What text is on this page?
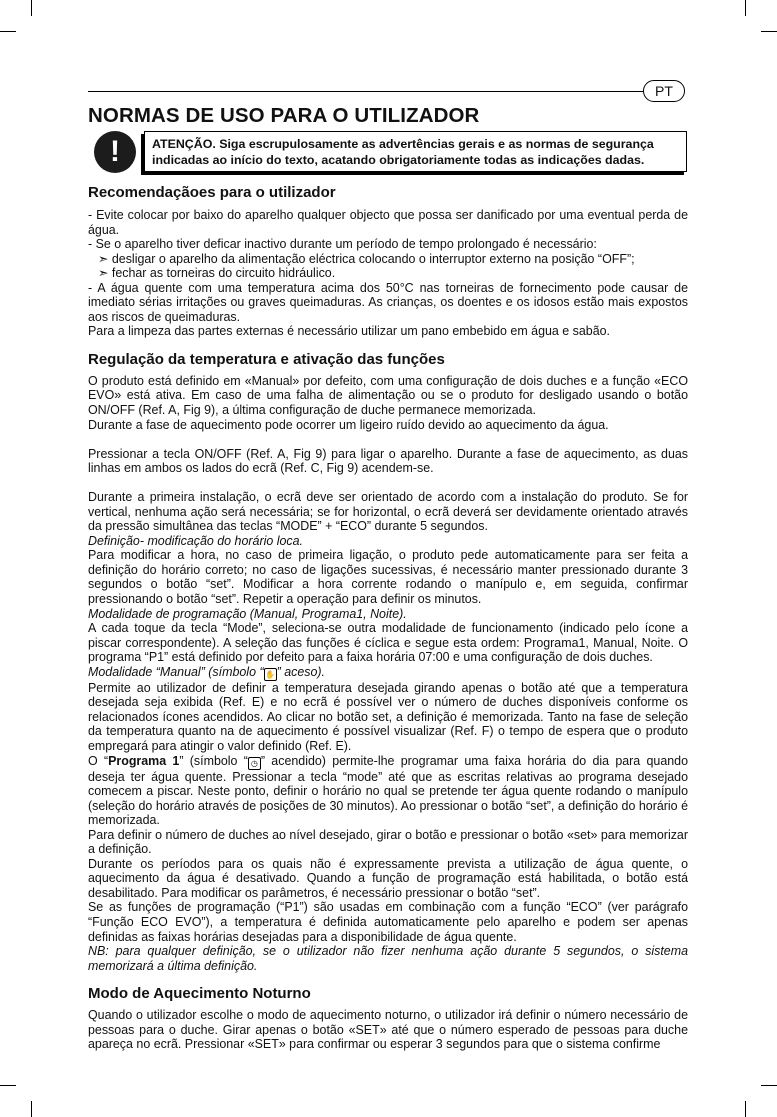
PT
NORMAS DE USO PARA O UTILIZADOR
!	ATENÇÃO. Siga escrupulosamente as advertências gerais e as normas de segurança indicadas ao início do texto, acatando obrigatoriamente todas as indicações dadas.

Recomendaçãoes para o utilizador

- Evite colocar por baixo do aparelho qualquer objecto que possa ser danificado por uma eventual perda de água.

- Se o aparelho tiver deficar inactivo durante um período de tempo prolongado é necessário:

➣ desligar o aparelho da alimentação eléctrica colocando o interruptor externo na posição “OFF”;

➣ fechar as torneiras do circuito hidráulico.

- A água quente com uma temperatura acima dos 50°C nas torneiras de fornecimento pode causar de imediato sérias irritações ou graves queimaduras. As crianças, os doentes e os idosos estão mais expostos aos riscos de queimaduras.

Para a limpeza das partes externas é necessário utilizar um pano embebido em água e sabão.

Regulação da temperatura e ativação das funções

O produto está definido em «Manual» por defeito, com uma configuração de dois duches e a função «ECO EVO» está ativa. Em caso de uma falha de alimentação ou se o produto for desligado usando o botão ON/OFF (Ref. A, Fig 9), a última configuração de duche permanece memorizada.

Durante a fase de aquecimento pode ocorrer um ligeiro ruído devido ao aquecimento da água.

Pressionar a tecla ON/OFF (Ref. A, Fig 9) para ligar o aparelho. Durante a fase de aquecimento, as duas linhas em ambos os lados do ecrã (Ref. C, Fig 9) acendem-se.

Durante a primeira instalação, o ecrã deve ser orientado de acordo com a instalação do produto. Se for vertical, nenhuma ação será necessária; se for horizontal, o ecrã deverá ser devidamente orientado através da pressão simultânea das teclas “MODE” + “ECO” durante 5 segundos.

Definição- modificação do horário loca.

Para modificar a hora, no caso de primeira ligação, o produto pede automaticamente para ser feita a definição do horário correto; no caso de ligações sucessivas, é necessário manter pressionado durante 3 segundos o botão “set”. Modificar a hora corrente rodando o manípulo e, em seguida, confirmar pressionando o botão “set”. Repetir a operação para definir os minutos.

Modalidade de programação (Manual, Programa1, Noite).

A cada toque da tecla “Mode”, seleciona-se outra modalidade de funcionamento (indicado pelo ícone a piscar correspondente). A seleção das funções é cíclica e segue esta ordem: Programa1, Manual, Noite. O programa “P1” está definido por defeito para a faixa horária 07:00 e uma configuração de dois duches.

Modalidade “Manual” (símbolo “ ✋ ” aceso).

Permite ao utilizador de definir a temperatura desejada girando apenas o botão até que a temperatura desejada seja exibida (Ref. E) e no ecrã é possível ver o número de duches disponíveis conforme os relacionados ícones acendidos. Ao clicar no botão set, a definição é memorizada. Tanto na fase de seleção da temperatura quanto na de aquecimento é possível visualizar (Ref. F) o tempo de espera que o produto empregará para atingir o valor definido (Ref. E).

O “Programa 1” (símbolo “ ◷ ” acendido) permite-lhe programar uma faixa horária do dia para quando deseja ter água quente. Pressionar a tecla “mode” até que as escritas relativas ao programa desejado comecem a piscar. Neste ponto, definir o horário no qual se pretende ter água quente rodando o manípulo (seleção do horário através de posições de 30 minutos). Ao pressionar o botão “set”, a definição do horário é memorizada.

Para definir o número de duches ao nível desejado, girar o botão e pressionar o botão «set» para memorizar a definição.

Durante os períodos para os quais não é expressamente prevista a utilização de água quente, o aquecimento da água é desativado. Quando a função de programação está habilitada, o botão está desabilitado. Para modificar os parâmetros, é necessário pressionar o botão “set”.

Se as funções de programação (“P1”) são usadas em combinação com a função “ECO” (ver parágrafo “Função ECO EVO”), a temperatura é definida automaticamente pelo aparelho e podem ser apenas definidas as faixas horárias desejadas para a disponibilidade de água quente.

NB: para qualquer definição, se o utilizador não fizer nenhuma ação durante 5 segundos, o sistema memorizará a última definição.

Modo de Aquecimento Noturno

Quando o utilizador escolhe o modo de aquecimento noturno, o utilizador irá definir o número necessário de pessoas para o duche. Girar apenas o botão «SET» até que o número esperado de pessoas para duche apareça no ecrã. Pressionar «SET» para confirmar ou esperar 3 segundos para que o sistema confirme
